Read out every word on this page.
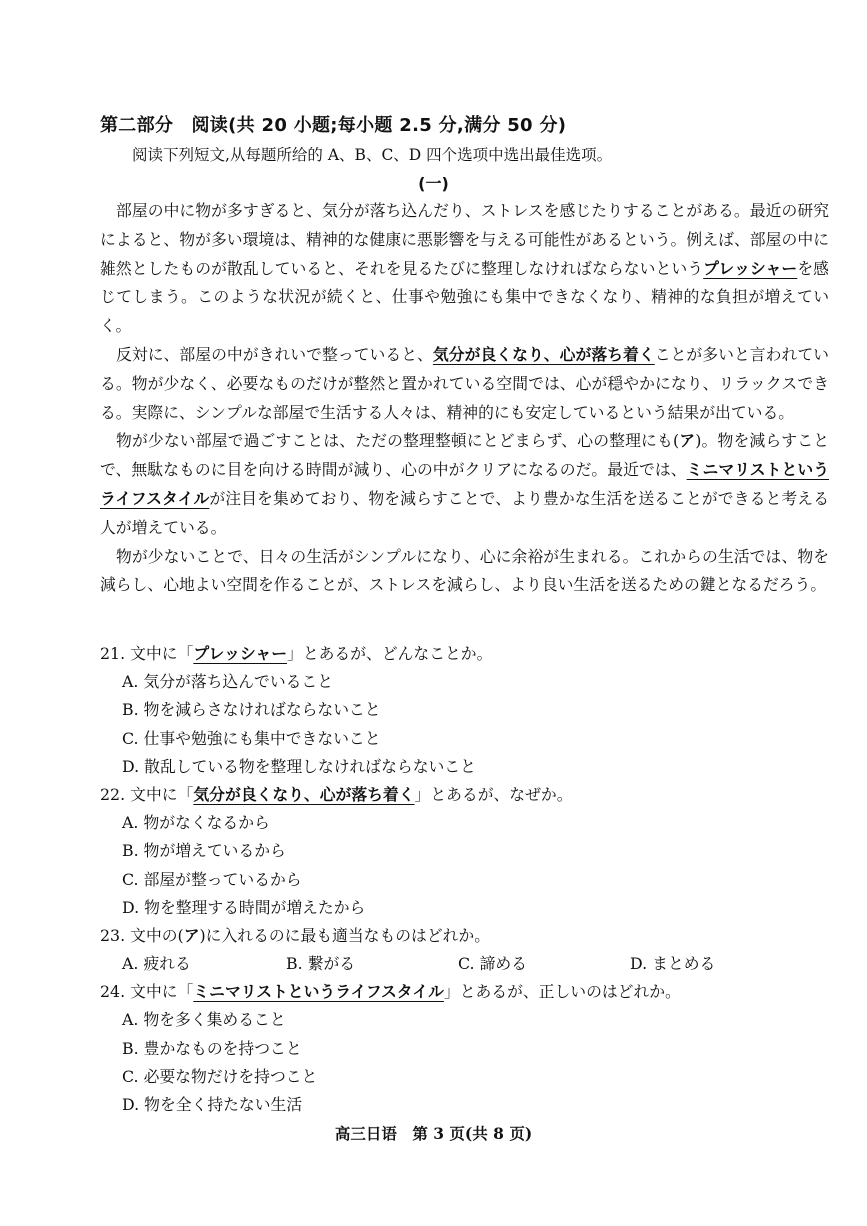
第二部分　阅读(共 20 小题;每小题 2.5 分,满分 50 分)
阅读下列短文,从每题所给的 A、B、C、D 四个选项中选出最佳选项。
(一)

部屋の中に物が多すぎると、気分が落ち込んだり、ストレスを感じたりすることがある。最近の研究によると、物が多い環境は、精神的な健康に悪影響を与える可能性があるという。例えば、部屋の中に雑然としたものが散乱していると、それを見るたびに整理しなければならないというプレッシャーを感じてしまう。このような状況が続くと、仕事や勉強にも集中できなくなり、精神的な負担が増えていく。

反対に、部屋の中がきれいで整っていると、気分が良くなり、心が落ち着くことが多いと言われている。物が少なく、必要なものだけが整然と置かれている空間では、心が穏やかになり、リラックスできる。実際に、シンプルな部屋で生活する人々は、精神的にも安定しているという結果が出ている。

物が少ない部屋で過ごすことは、ただの整理整頓にとどまらず、心の整理にも(ア)。物を減らすことで、無駄なものに目を向ける時間が減り、心の中がクリアになるのだ。最近では、ミニマリストというライフスタイルが注目を集めており、物を減らすことで、より豊かな生活を送ることができると考える人が増えている。

物が少ないことで、日々の生活がシンプルになり、心に余裕が生まれる。これからの生活では、物を減らし、心地よい空間を作ることが、ストレスを減らし、より良い生活を送るための鍵となるだろう。

21. 文中に「プレッシャー」とあるが、どんなことか。
A. 気分が落ち込んでいること
B. 物を減らさなければならないこと
C. 仕事や勉強にも集中できないこと
D. 散乱している物を整理しなければならないこと
22. 文中に「気分が良くなり、心が落ち着く」とあるが、なぜか。
A. 物がなくなるから
B. 物が増えているから
C. 部屋が整っているから
D. 物を整理する時間が増えたから
23. 文中の(ア)に入れるのに最も適当なものはどれか。
A. 疲れる	B. 繋がる	C. 諦める	D. まとめる
24. 文中に「ミニマリストというライフスタイル」とあるが、正しいのはどれか。
A. 物を多く集めること
B. 豊かなものを持つこと
C. 必要な物だけを持つこと
D. 物を全く持たない生活
高三日语　第 3 页(共 8 页)
